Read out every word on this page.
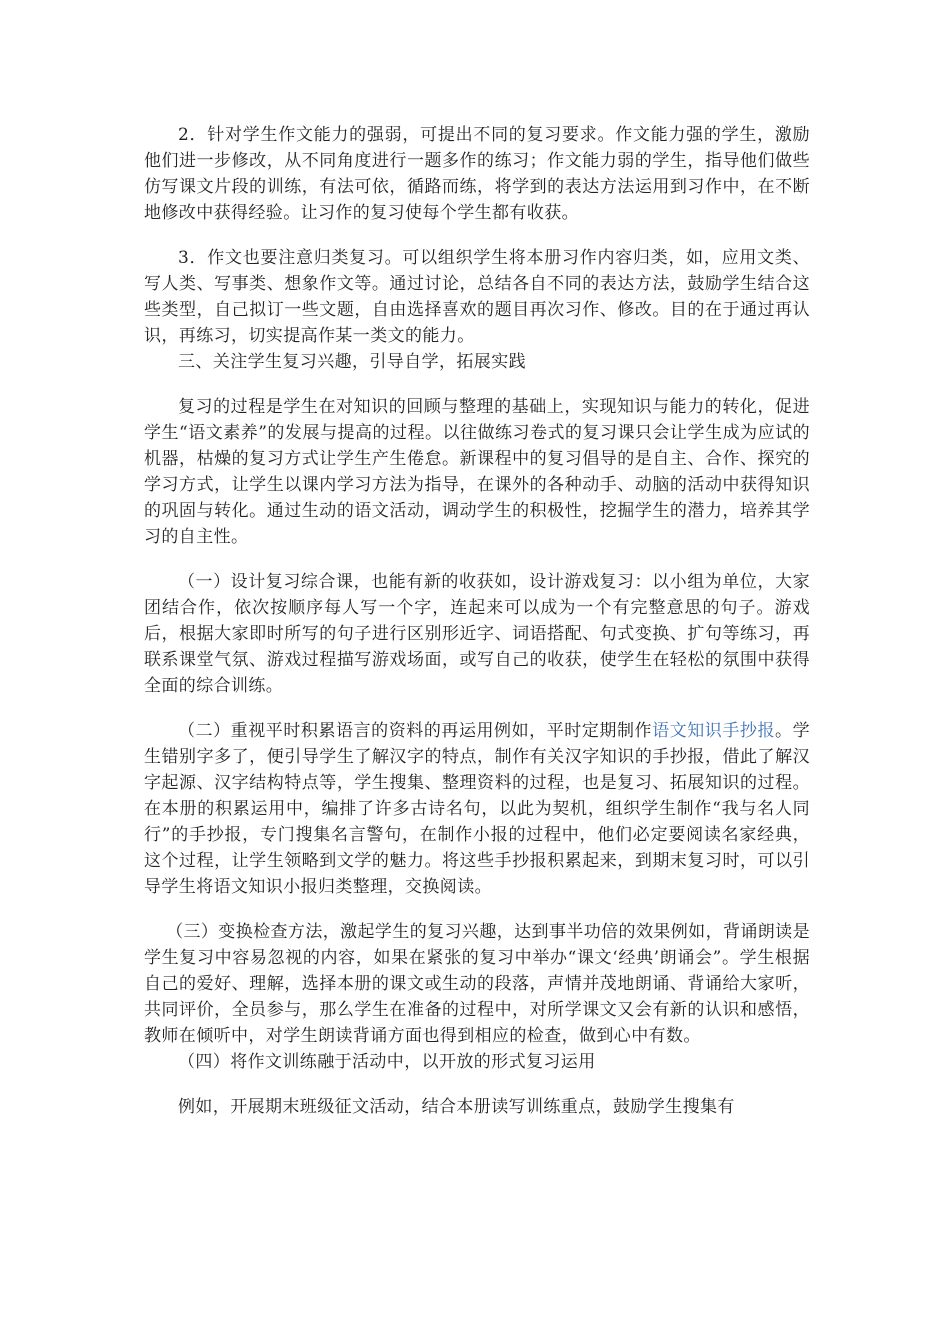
2．针对学生作文能力的强弱，可提出不同的复习要求。作文能力强的学生，激励他们进一步修改，从不同角度进行一题多作的练习；作文能力弱的学生，指导他们做些仿写课文片段的训练，有法可依，循路而练，将学到的表达方法运用到习作中，在不断地修改中获得经验。让习作的复习使每个学生都有收获。

3．作文也要注意归类复习。可以组织学生将本册习作内容归类，如，应用文类、写人类、写事类、想象作文等。通过讨论，总结各自不同的表达方法，鼓励学生结合这些类型，自己拟订一些文题，自由选择喜欢的题目再次习作、修改。目的在于通过再认识，再练习，切实提高作某一类文的能力。

三、关注学生复习兴趣，引导自学，拓展实践

复习的过程是学生在对知识的回顾与整理的基础上，实现知识与能力的转化，促进学生“语文素养”的发展与提高的过程。以往做练习卷式的复习课只会让学生成为应试的机器，枯燥的复习方式让学生产生倦怠。新课程中的复习倡导的是自主、合作、探究的学习方式，让学生以课内学习方法为指导，在课外的各种动手、动脑的活动中获得知识的巩固与转化。通过生动的语文活动，调动学生的积极性，挖掘学生的潜力，培养其学习的自主性。

（一）设计复习综合课，也能有新的收获如，设计游戏复习：以小组为单位，大家团结合作，依次按顺序每人写一个字，连起来可以成为一个有完整意思的句子。游戏后，根据大家即时所写的句子进行区别形近字、词语搭配、句式变换、扩句等练习，再联系课堂气氛、游戏过程描写游戏场面，或写自己的收获，使学生在轻松的氛围中获得全面的综合训练。

（二）重视平时积累语言的资料的再运用例如，平时定期制作语文知识手抄报。学生错别字多了，便引导学生了解汉字的特点，制作有关汉字知识的手抄报，借此了解汉字起源、汉字结构特点等，学生搜集、整理资料的过程，也是复习、拓展知识的过程。在本册的积累运用中，编排了许多古诗名句，以此为契机，组织学生制作“我与名人同行”的手抄报，专门搜集名言警句，在制作小报的过程中，他们必定要阅读名家经典，这个过程，让学生领略到文学的魅力。将这些手抄报积累起来，到期末复习时，可以引导学生将语文知识小报归类整理，交换阅读。

（三）变换检查方法，激起学生的复习兴趣，达到事半功倍的效果例如，背诵朗读是学生复习中容易忽视的内容，如果在紧张的复习中举办“课文‘经典’朗诵会”。学生根据自己的爱好、理解，选择本册的课文或生动的段落，声情并茂地朗诵、背诵给大家听，共同评价，全员参与，那么学生在准备的过程中，对所学课文又会有新的认识和感悟，教师在倾听中，对学生朗读背诵方面也得到相应的检查，做到心中有数。

（四）将作文训练融于活动中，以开放的形式复习运用

例如，开展期末班级征文活动，结合本册读写训练重点，鼓励学生搜集有
